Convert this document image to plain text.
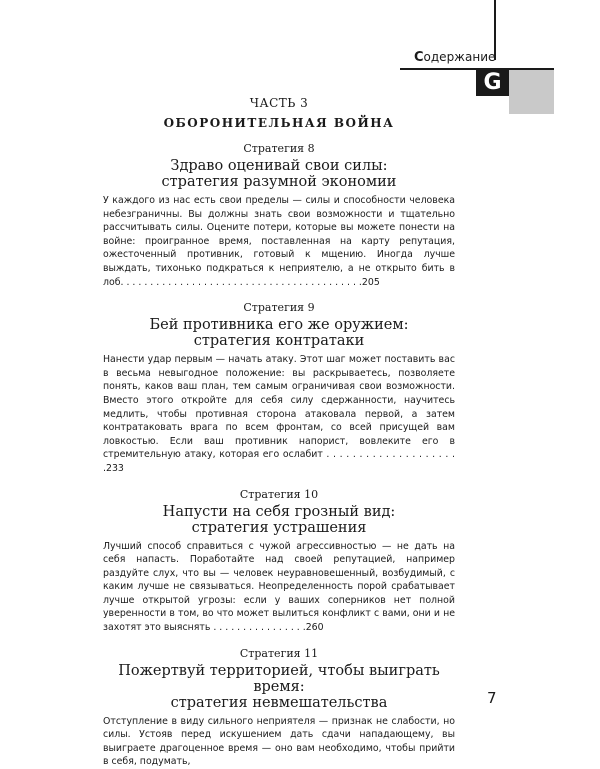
Содержание
G
ЧАСТЬ 3
ОБОРОНИТЕЛЬНАЯ ВОЙНА
Стратегия 8
Здраво оценивай свои силы:
стратегия разумной экономии

У каждого из нас есть свои пределы — силы и способности человека небезграничны. Вы должны знать свои возможности и тщательно рассчитывать силы. Оцените потери, которые вы можете понести на войне: проигранное время, поставленная на карту репутация, ожесточенный противник, готовый к мщению. Иногда лучше выждать, тихонько подкраться к неприятелю, а не открыто бить в лоб. . . . . . . . . . . . . . . . . . . . . . . . . . . . . . . . . . . . . . . . .205

Стратегия 9
Бей противника его же оружием:
стратегия контратаки

Нанести удар первым — начать атаку. Этот шаг может поставить вас в весьма невыгодное положение: вы раскрываетесь, позволяете понять, каков ваш план, тем самым ограничивая свои возможности. Вместо этого откройте для себя силу сдержанности, научитесь медлить, чтобы противная сторона атаковала первой, а затем контратаковать врага по всем фронтам, со всей присущей вам ловкостью. Если ваш противник напорист, вовлеките его в стремительную атаку, которая его ослабит . . . . . . . . . . . . . . . . . . . . .233

Стратегия 10
Напусти на себя грозный вид:
стратегия устрашения

Лучший способ справиться с чужой агрессивностью — не дать на себя напасть. Поработайте над своей репутацией, например раздуйте слух, что вы — человек неуравновешенный, возбудимый, с каким лучше не связываться. Неопределенность порой срабатывает лучше открытой угрозы: если у ваших соперников нет полной уверенности в том, во что может вылиться конфликт с вами, они и не захотят это выяснять . . . . . . . . . . . . . . . .260

Стратегия 11
Пожертвуй территорией, чтобы выиграть время:
стратегия невмешательства

Отступление в виду сильного неприятеля — признак не слабости, но силы. Устояв перед искушением дать сдачи нападающему, вы выиграете драгоценное время — оно вам необходимо, чтобы прийти в себя, подумать,

7
